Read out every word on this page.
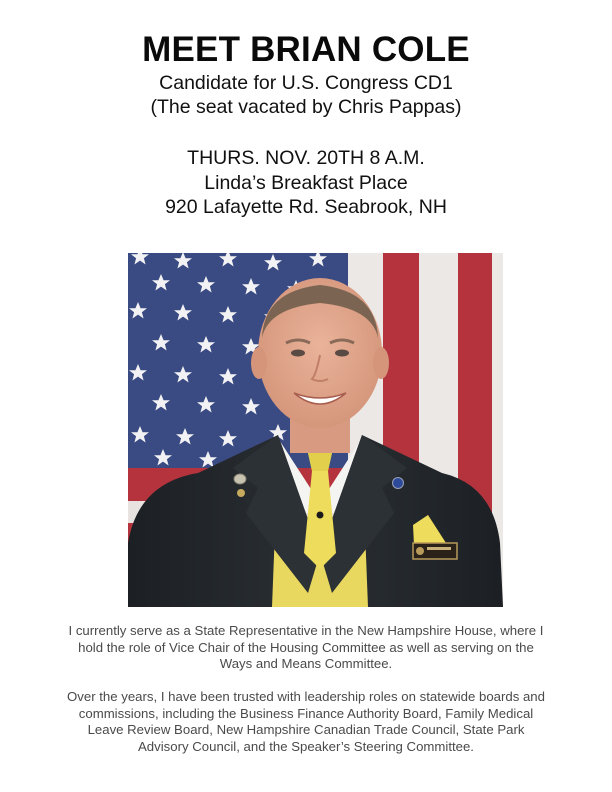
MEET BRIAN COLE
Candidate for U.S. Congress CD1
(The seat vacated by Chris Pappas)
THURS. NOV. 20TH 8 A.M.
Linda’s Breakfast Place
920 Lafayette Rd. Seabrook, NH
I currently serve as a State Representative in the New Hampshire House, where I
hold the role of Vice Chair of the Housing Committee as well as serving on the
Ways and Means Committee.
Over the years, I have been trusted with leadership roles on statewide boards and
commissions, including the Business Finance Authority Board, Family Medical
Leave Review Board, New Hampshire Canadian Trade Council, State Park
Advisory Council, and the Speaker’s Steering Committee.
